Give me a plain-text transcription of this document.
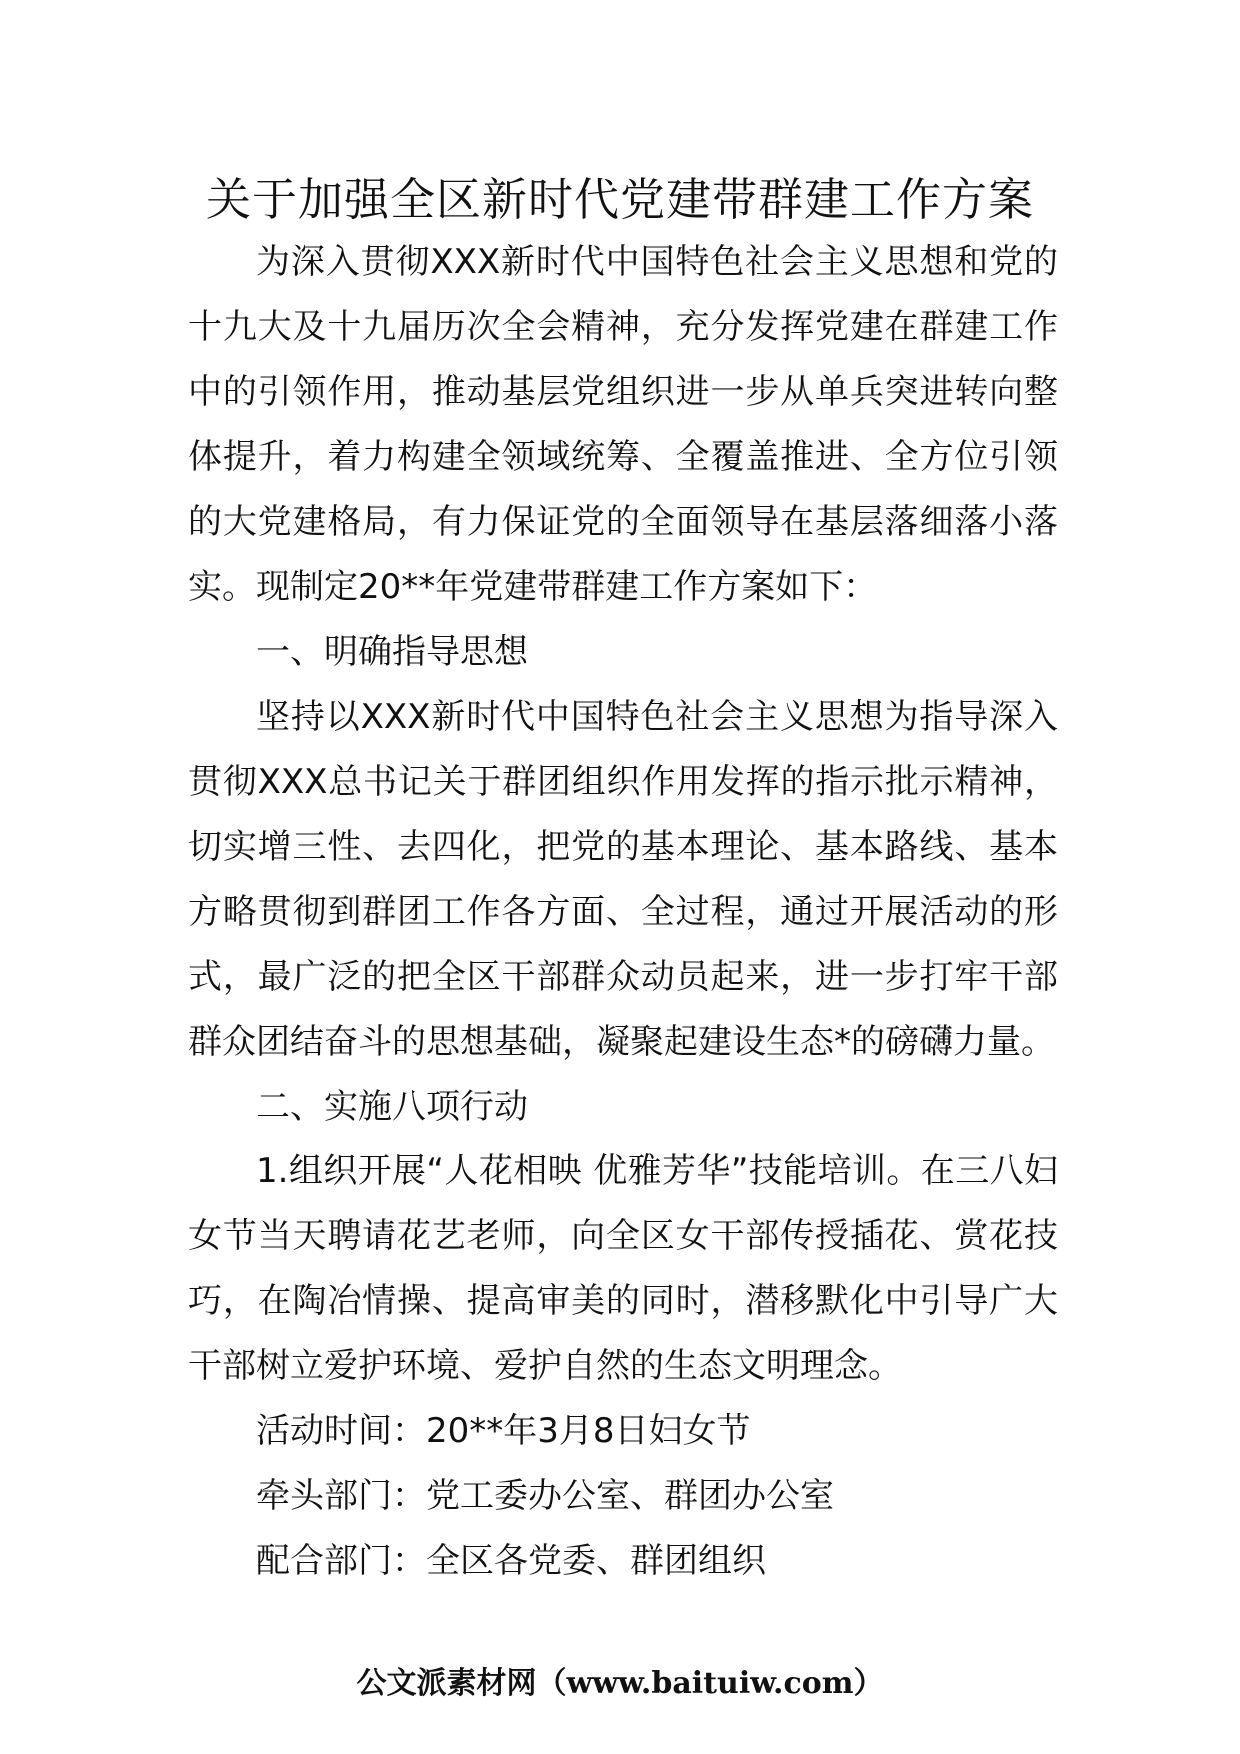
关于加强全区新时代党建带群建工作方案

为深入贯彻XXX新时代中国特色社会主义思想和党的十九大及十九届历次全会精神，充分发挥党建在群建工作中的引领作用，推动基层党组织进一步从单兵突进转向整体提升，着力构建全领域统筹、全覆盖推进、全方位引领的大党建格局，有力保证党的全面领导在基层落细落小落实。现制定20**年党建带群建工作方案如下：

一、明确指导思想

坚持以XXX新时代中国特色社会主义思想为指导深入贯彻XXX总书记关于群团组织作用发挥的指示批示精神，切实增三性、去四化，把党的基本理论、基本路线、基本方略贯彻到群团工作各方面、全过程，通过开展活动的形式，最广泛的把全区干部群众动员起来，进一步打牢干部群众团结奋斗的思想基础，凝聚起建设生态*的磅礴力量。

二、实施八项行动

1.组织开展“人花相映 优雅芳华”技能培训。在三八妇女节当天聘请花艺老师，向全区女干部传授插花、赏花技巧，在陶冶情操、提高审美的同时，潜移默化中引导广大干部树立爱护环境、爱护自然的生态文明理念。

活动时间：20**年3月8日妇女节

牵头部门：党工委办公室、群团办公室

配合部门：全区各党委、群团组织

公文派素材网（www.baituiw.com）
